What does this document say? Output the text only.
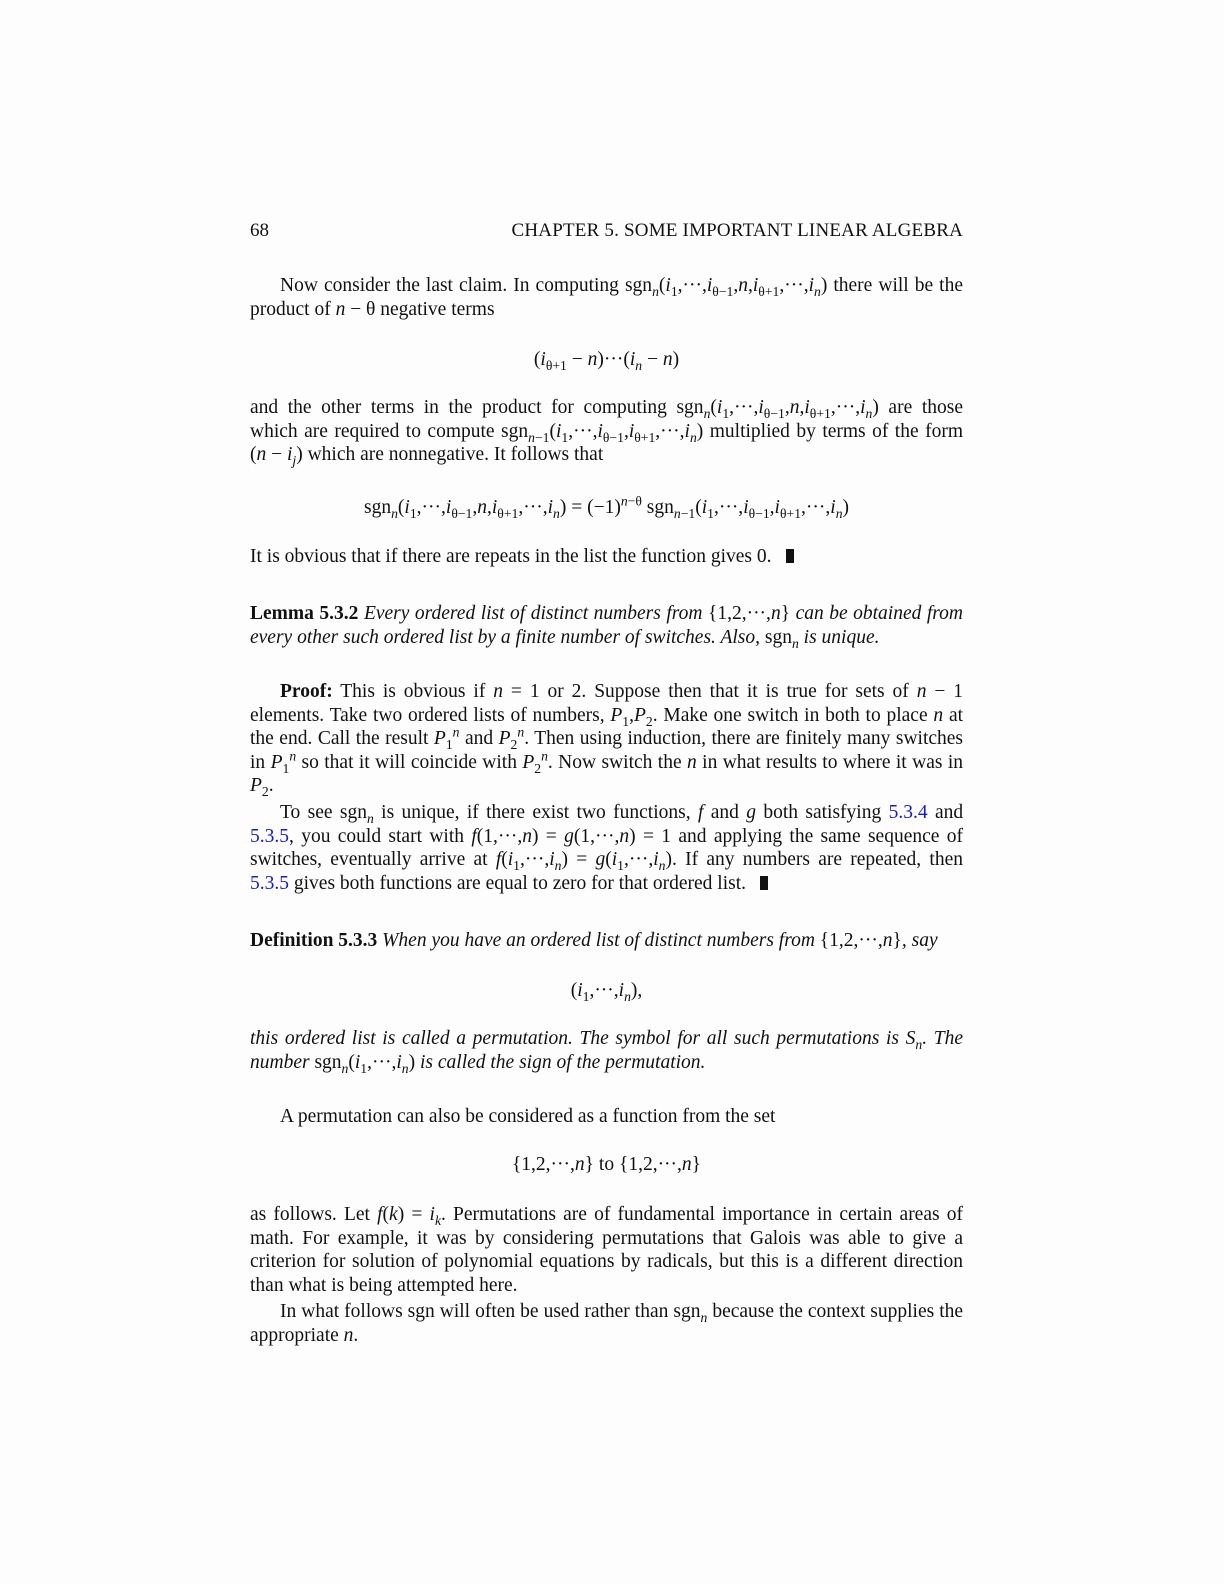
68	CHAPTER 5. SOME IMPORTANT LINEAR ALGEBRA

Now consider the last claim. In computing $sgn_n(i_1,\cdot\cdot\cdot,i_{\theta-1},n,i_{\theta+1},\cdot\cdot\cdot,i_n)$ there will be the product of n − θ negative terms

$(i_{\theta+1} - n)\cdot\cdot\cdot(i_n - n)$

and the other terms in the product for computing $sgn_n(i_1,\cdot\cdot\cdot,i_{\theta-1},n,i_{\theta+1},\cdot\cdot\cdot,i_n)$ are those which are required to compute $sgn_{n-1}(i_1,\cdot\cdot\cdot,i_{\theta-1},i_{\theta+1},\cdot\cdot\cdot,i_n)$ multiplied by terms of the form $(n - i_j)$ which are nonnegative. It follows that

$sgn_n(i_1,\cdot\cdot\cdot,i_{\theta-1},n,i_{\theta+1},\cdot\cdot\cdot,i_n) = (-1)^{n-\theta}$ $sgn_{n-1}(i_1,\cdot\cdot\cdot,i_{\theta-1},i_{\theta+1},\cdot\cdot\cdot,i_n)$

It is obvious that if there are repeats in the list the function gives 0.

Lemma 5.3.2 Every ordered list of distinct numbers from {1,2,···,n} can be obtained from every other such ordered list by a finite number of switches. Also, sgn$_n$ is unique.

Proof: This is obvious if n = 1 or 2. Suppose then that it is true for sets of n − 1 elements. Take two ordered lists of numbers, $P_1,P_2$. Make one switch in both to place n at the end. Call the result $P_1^n$ and $P_2^n$. Then using induction, there are finitely many switches in $P_1^n$ so that it will coincide with $P_2^n$. Now switch the n in what results to where it was in $P_2$.

To see sgn$_n$ is unique, if there exist two functions, f and g both satisfying 5.3.4 and 5.3.5, you could start with f(1,···,n) = g(1,···,n) = 1 and applying the same sequence of switches, eventually arrive at $f(i_1,\cdot\cdot\cdot,i_n) = g(i_1,\cdot\cdot\cdot,i_n)$. If any numbers are repeated, then 5.3.5 gives both functions are equal to zero for that ordered list.

Definition 5.3.3 When you have an ordered list of distinct numbers from {1,2,···,n}, say

$(i_1,\cdot\cdot\cdot,i_n)$,

this ordered list is called a permutation. The symbol for all such permutations is $S_n$. The number $sgn_n(i_1,\cdot\cdot\cdot,i_n)$ is called the sign of the permutation.

A permutation can also be considered as a function from the set

{1,2,···,n} to {1,2,···,n}

as follows. Let $f(k) = i_k$. Permutations are of fundamental importance in certain areas of math. For example, it was by considering permutations that Galois was able to give a criterion for solution of polynomial equations by radicals, but this is a different direction than what is being attempted here.

In what follows sgn will often be used rather than sgn$_n$ because the context supplies the appropriate n.
